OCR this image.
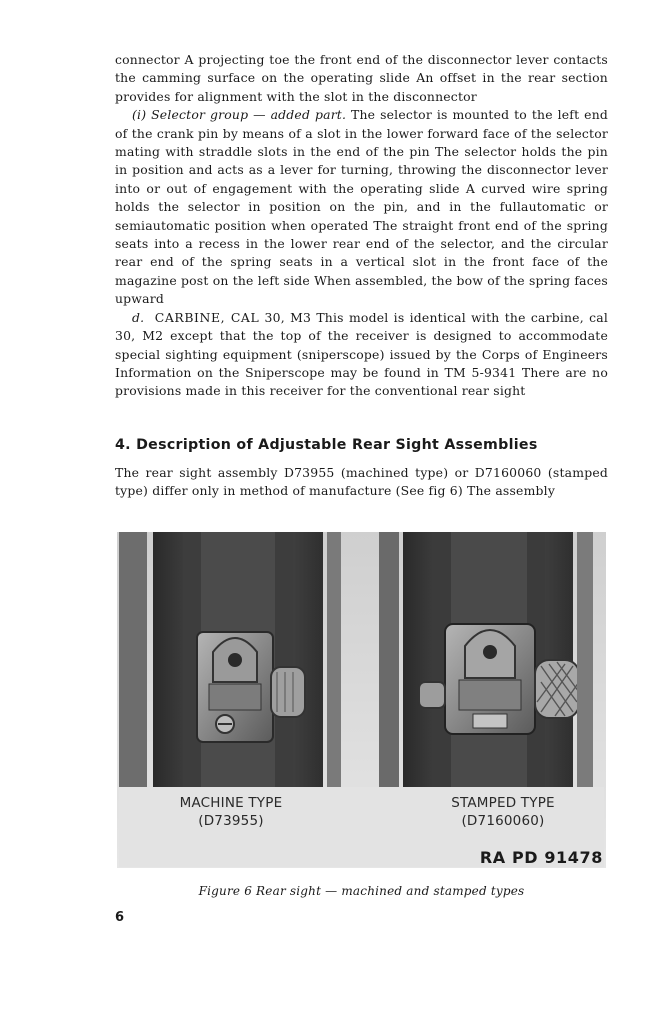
connector A projecting toe the front end of the disconnector lever contacts the camming surface on the operating slide An offset in the rear section provides for alignment with the slot in the disconnector

(i) Selector group — added part. The selector is mounted to the left end of the crank pin by means of a slot in the lower forward face of the selector mating with straddle slots in the end of the pin The selector holds the pin in position and acts as a lever for turning, throwing the disconnector lever into or out of engagement with the operating slide A curved wire spring holds the selector in position on the pin, and in the fullautomatic or semiautomatic position when operated The straight front end of the spring seats into a recess in the lower rear end of the selector, and the circular rear end of the spring seats in a vertical slot in the front face of the magazine post on the left side When assembled, the bow of the spring faces upward

d. CARBINE, CAL 30, M3 This model is identical with the carbine, cal 30, M2 except that the top of the receiver is designed to accommodate special sighting equipment (sniperscope) issued by the Corps of Engineers Information on the Sniperscope may be found in TM 5-9341 There are no provisions made in this receiver for the conventional rear sight

4. Description of Adjustable Rear Sight Assemblies

The rear sight assembly D73955 (machined type) or D7160060 (stamped type) differ only in method of manufacture (See fig 6) The assembly

MACHINE TYPE
(D73955)
STAMPED TYPE
(D7160060)
RA PD 91478
Figure 6 Rear sight — machined and stamped types
6
